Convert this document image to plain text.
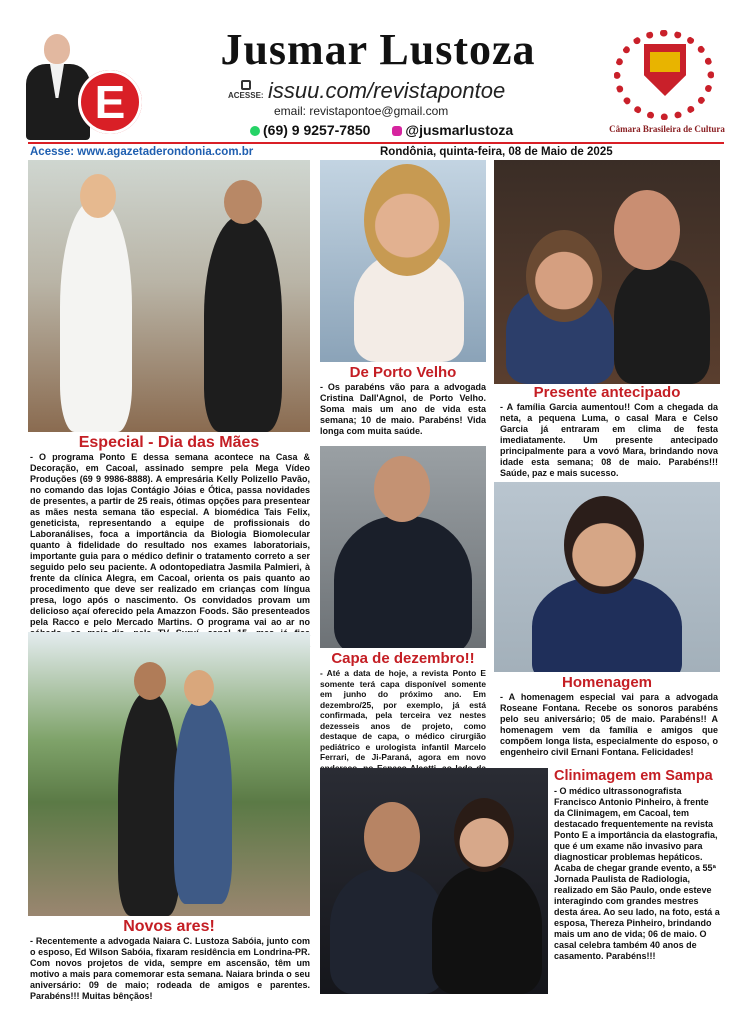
E
Jusmar Lustoza
ACESSE: issuu.com/revistapontoe
email: revistapontoe@gmail.com
(69) 9 9257-7850	@jusmarlustoza	Câmara Brasileira de Cultura
Acesse: www.agazetaderondonia.com.br	Rondônia, quinta-feira, 08 de Maio de 2025
Especial - Dia das Mães
- O programa Ponto E dessa semana acontece na Casa & Decoração, em Cacoal, assinado sempre pela Mega Vídeo Produções (69 9 9986-8888). A empresária Kelly Polizello Pavão, no comando das lojas Contágio Jóias e Ótica, passa novidades de presentes, a partir de 25 reais, ótimas opções para presentear as mães nesta semana tão especial. A biomédica Tais Felix, geneticista, representando a equipe de profissionais do Laboranálises, foca a importância da Biologia Biomolecular quanto à fidelidade do resultado nos exames laboratoriais, importante guia para o médico definir o tratamento correto a ser seguido pelo seu paciente. A odontopediatra Jasmila Palmieri, à frente da clínica Alegra, em Cacoal, orienta os pais quanto ao procedimento que deve ser realizado em crianças com língua presa, logo após o nascimento. Os convidados provam um delicioso açaí oferecido pela Amazzon Foods. São presenteados pela Racco e pelo Mercado Martins. O programa vai ao ar no
Novos ares!
- Recentemente a advogada Naiara C. Lustoza Sabóia, junto com o esposo, Ed Wilson Sabóia, fixaram residência em Londrina-PR. Com novos projetos de vida, sempre em ascensão, têm um motivo a mais para comemorar esta semana. Naiara brinda o seu aniversário: 09 de maio; rodeada de amigos e parentes. Parabéns!!! Muitas bênçãos!
De Porto Velho
- Os parabéns vão para a advogada Cristina Dall'Agnol, de Porto Velho. Soma mais um ano de vida esta semana; 10 de maio. Parabéns! Vida longa com muita saúde.
Capa de dezembro!!
- Até a data de hoje, a revista Ponto E somente terá capa disponível somente em junho do próximo ano. Em dezembro/25, por exemplo, já está confirmada, pela terceira vez nestes dezesseis anos de projeto, como destaque de capa, o médico cirurgião pediátrico e urologista infantil Marcelo Ferrari, de Ji-Paraná, agora em novo
Presente antecipado
- A família Garcia aumentou!! Com a chegada da neta, a pequena Luma, o casal Mara e Celso Garcia já entraram em clima de festa imediatamente. Um presente antecipado principalmente para a vovó Mara, brindando nova idade esta semana; 08 de maio. Parabéns!!! Saúde, paz e mais sucesso.
Homenagem
- A homenagem especial vai para a advogada Roseane Fontana. Recebe os sonoros parabéns pelo seu aniversário; 05 de maio. Parabéns!! A homenagem vem da família e amigos que compõem longa lista, especialmente do esposo, o engenheiro civil Ernani Fontana. Felicidades!
Clinimagem em Sampa
- O médico ultrassonografista Francisco Antonio Pinheiro, à frente da Clinimagem, em Cacoal, tem destacado frequentemente na revista Ponto E a importância da elastografia, que é um exame não invasivo para diagnosticar problemas hepáticos. Acaba de chegar grande evento, a 55ª Jornada Paulista de Radiologia, realizado em São Paulo, onde esteve interagindo com grandes mestres desta área. Ao seu lado, na foto, está a esposa, Thereza Pinheiro, brindando mais um ano de vida; 06 de maio. O casal celebra também 40 anos de casamento. Parabéns!!!
